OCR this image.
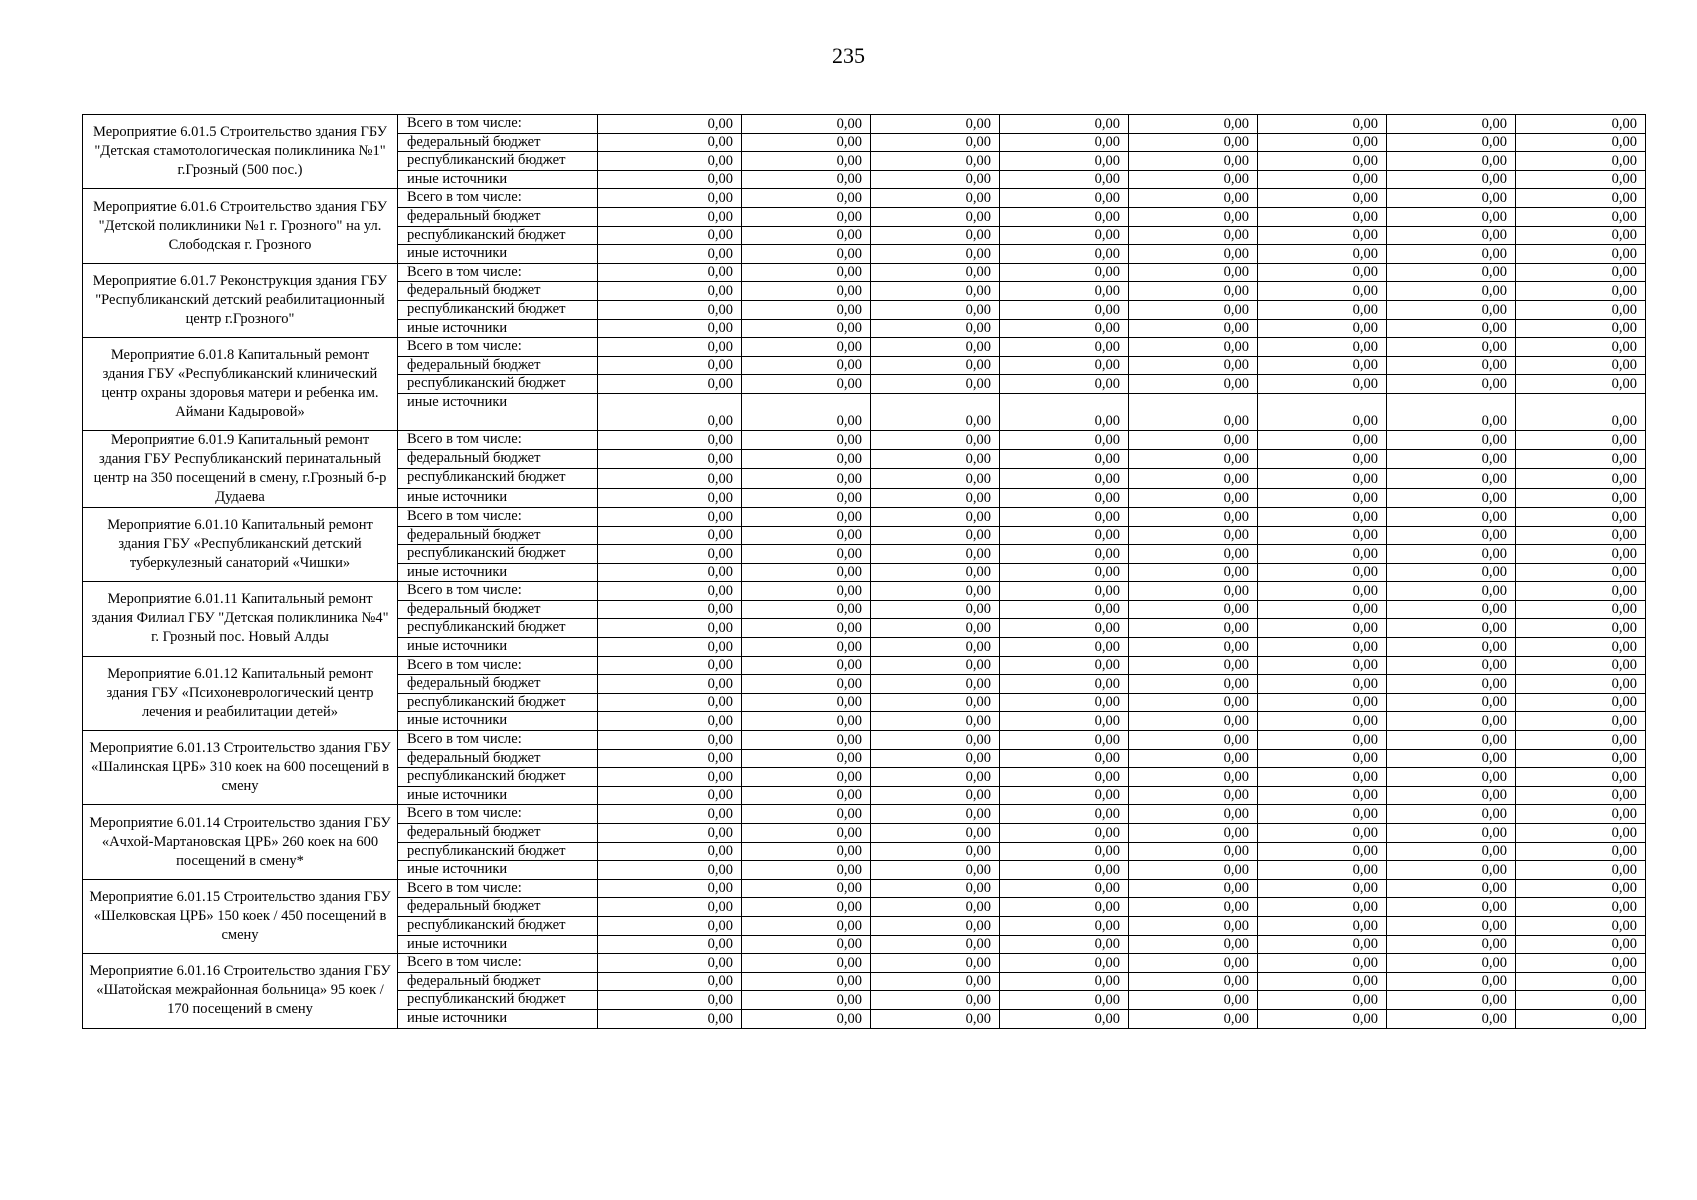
235
Мероприятие 6.01.5 Строительство здания ГБУ "Детская стамотологическая поликлиника №1" г.Грозный (500 пос.)	Всего в том числе:	0,00	0,00	0,00	0,00	0,00	0,00	0,00	0,00
	федеральный бюджет	0,00	0,00	0,00	0,00	0,00	0,00	0,00	0,00
	республиканский бюджет	0,00	0,00	0,00	0,00	0,00	0,00	0,00	0,00
	иные источники	0,00	0,00	0,00	0,00	0,00	0,00	0,00	0,00
Мероприятие 6.01.6 Строительство здания ГБУ "Детской поликлиники №1 г. Грозного" на ул. Слободская г. Грозного	Всего в том числе:	0,00	0,00	0,00	0,00	0,00	0,00	0,00	0,00
	федеральный бюджет	0,00	0,00	0,00	0,00	0,00	0,00	0,00	0,00
	республиканский бюджет	0,00	0,00	0,00	0,00	0,00	0,00	0,00	0,00
	иные источники	0,00	0,00	0,00	0,00	0,00	0,00	0,00	0,00
Мероприятие 6.01.7 Реконструкция здания ГБУ "Республиканский детский реабилитационный центр г.Грозного"	Всего в том числе:	0,00	0,00	0,00	0,00	0,00	0,00	0,00	0,00
	федеральный бюджет	0,00	0,00	0,00	0,00	0,00	0,00	0,00	0,00
	республиканский бюджет	0,00	0,00	0,00	0,00	0,00	0,00	0,00	0,00
	иные источники	0,00	0,00	0,00	0,00	0,00	0,00	0,00	0,00
Мероприятие 6.01.8 Капитальный ремонт здания ГБУ «Республиканский клинический центр охраны здоровья матери и ребенка им. Аймани Кадыровой»	Всего в том числе:	0,00	0,00	0,00	0,00	0,00	0,00	0,00	0,00
	федеральный бюджет	0,00	0,00	0,00	0,00	0,00	0,00	0,00	0,00
	республиканский бюджет	0,00	0,00	0,00	0,00	0,00	0,00	0,00	0,00
	иные источники	0,00	0,00	0,00	0,00	0,00	0,00	0,00	0,00
Мероприятие 6.01.9 Капитальный ремонт здания ГБУ Республиканский перинатальный центр на 350 посещений в смену, г.Грозный б-р Дудаева	Всего в том числе:	0,00	0,00	0,00	0,00	0,00	0,00	0,00	0,00
	федеральный бюджет	0,00	0,00	0,00	0,00	0,00	0,00	0,00	0,00
	республиканский бюджет	0,00	0,00	0,00	0,00	0,00	0,00	0,00	0,00
	иные источники	0,00	0,00	0,00	0,00	0,00	0,00	0,00	0,00
Мероприятие 6.01.10 Капитальный ремонт здания ГБУ «Республиканский детский туберкулезный санаторий «Чишки»	Всего в том числе:	0,00	0,00	0,00	0,00	0,00	0,00	0,00	0,00
	федеральный бюджет	0,00	0,00	0,00	0,00	0,00	0,00	0,00	0,00
	республиканский бюджет	0,00	0,00	0,00	0,00	0,00	0,00	0,00	0,00
	иные источники	0,00	0,00	0,00	0,00	0,00	0,00	0,00	0,00
Мероприятие 6.01.11 Капитальный ремонт здания Филиал ГБУ "Детская поликлиника №4" г. Грозный пос. Новый Алды	Всего в том числе:	0,00	0,00	0,00	0,00	0,00	0,00	0,00	0,00
	федеральный бюджет	0,00	0,00	0,00	0,00	0,00	0,00	0,00	0,00
	республиканский бюджет	0,00	0,00	0,00	0,00	0,00	0,00	0,00	0,00
	иные источники	0,00	0,00	0,00	0,00	0,00	0,00	0,00	0,00
Мероприятие 6.01.12 Капитальный ремонт здания ГБУ «Психоневрологический центр лечения и реабилитации детей»	Всего в том числе:	0,00	0,00	0,00	0,00	0,00	0,00	0,00	0,00
	федеральный бюджет	0,00	0,00	0,00	0,00	0,00	0,00	0,00	0,00
	республиканский бюджет	0,00	0,00	0,00	0,00	0,00	0,00	0,00	0,00
	иные источники	0,00	0,00	0,00	0,00	0,00	0,00	0,00	0,00
Мероприятие 6.01.13 Строительство здания ГБУ «Шалинская ЦРБ» 310 коек на 600 посещений в смену	Всего в том числе:	0,00	0,00	0,00	0,00	0,00	0,00	0,00	0,00
	федеральный бюджет	0,00	0,00	0,00	0,00	0,00	0,00	0,00	0,00
	республиканский бюджет	0,00	0,00	0,00	0,00	0,00	0,00	0,00	0,00
	иные источники	0,00	0,00	0,00	0,00	0,00	0,00	0,00	0,00
Мероприятие 6.01.14 Строительство здания ГБУ «Ачхой-Мартановская ЦРБ» 260 коек на 600 посещений в смену*	Всего в том числе:	0,00	0,00	0,00	0,00	0,00	0,00	0,00	0,00
	федеральный бюджет	0,00	0,00	0,00	0,00	0,00	0,00	0,00	0,00
	республиканский бюджет	0,00	0,00	0,00	0,00	0,00	0,00	0,00	0,00
	иные источники	0,00	0,00	0,00	0,00	0,00	0,00	0,00	0,00
Мероприятие 6.01.15 Строительство здания ГБУ «Шелковская ЦРБ» 150 коек / 450 посещений в смену	Всего в том числе:	0,00	0,00	0,00	0,00	0,00	0,00	0,00	0,00
	федеральный бюджет	0,00	0,00	0,00	0,00	0,00	0,00	0,00	0,00
	республиканский бюджет	0,00	0,00	0,00	0,00	0,00	0,00	0,00	0,00
	иные источники	0,00	0,00	0,00	0,00	0,00	0,00	0,00	0,00
Мероприятие 6.01.16 Строительство здания ГБУ «Шатойская межрайонная больница» 95 коек / 170 посещений в смену	Всего в том числе:	0,00	0,00	0,00	0,00	0,00	0,00	0,00	0,00
	федеральный бюджет	0,00	0,00	0,00	0,00	0,00	0,00	0,00	0,00
	республиканский бюджет	0,00	0,00	0,00	0,00	0,00	0,00	0,00	0,00
	иные источники	0,00	0,00	0,00	0,00	0,00	0,00	0,00	0,00
